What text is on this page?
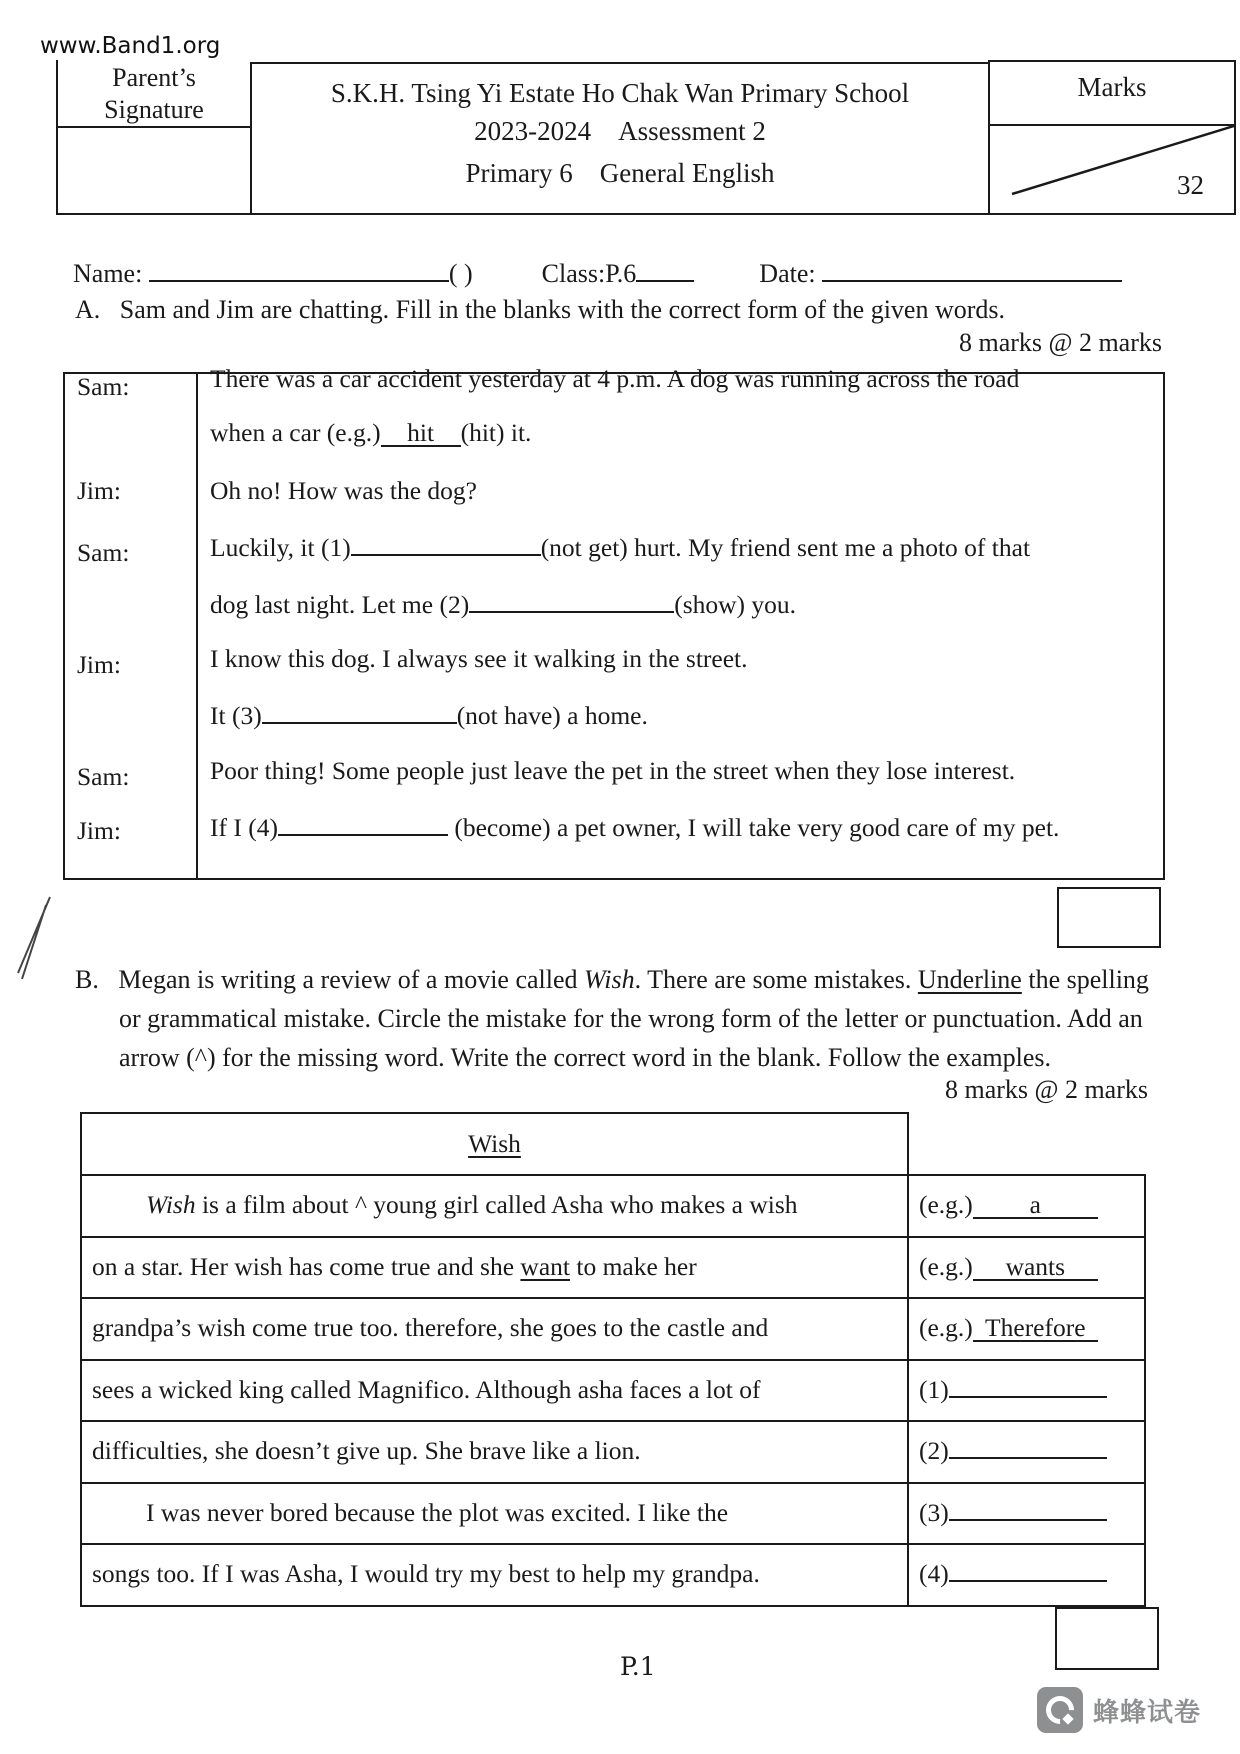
www.Band1.org
Parent’s
Signature
S.K.H. Tsing Yi Estate Ho Chak Wan Primary School
2023-2024 Assessment 2
Primary 6 General English
Marks
32
Name:	( )	Class:P.6	Date:
A. Sam and Jim are chatting. Fill in the blanks with the correct form of the given words.
8 marks @ 2 marks
Sam:	There was a car accident yesterday at 4 p.m. A dog was running across the road
when a car (e.g.) hit (hit) it.
Jim:	Oh no! How was the dog?
Sam:	Luckily, it (1)	(not get) hurt. My friend sent me a photo of that
dog last night. Let me (2)	(show) you.
Jim:	I know this dog. I always see it walking in the street.
It (3)	(not have) a home.
Sam:	Poor thing! Some people just leave the pet in the street when they lose interest.
Jim:	If I (4)	(become) a pet owner, I will take very good care of my pet.
B. Megan is writing a review of a movie called Wish. There are some mistakes. Underline the spelling or grammatical mistake. Circle the mistake for the wrong form of the letter or punctuation. Add an arrow (^) for the missing word. Write the correct word in the blank. Follow the examples.
8 marks @ 2 marks
Wish
Wish is a film about ^ young girl called Asha who makes a wish	(e.g.) a
on a star. Her wish has come true and she want to make her	(e.g.) wants
grandpa’s wish come true too. therefore, she goes to the castle and	(e.g.) Therefore
sees a wicked king called Magnifico. Although asha faces a lot of	(1)
difficulties, she doesn’t give up. She brave like a lion.	(2)
I was never bored because the plot was excited. I like the	(3)
songs too. If I was Asha, I would try my best to help my grandpa.	(4)
P.1
蜂蜂试卷
